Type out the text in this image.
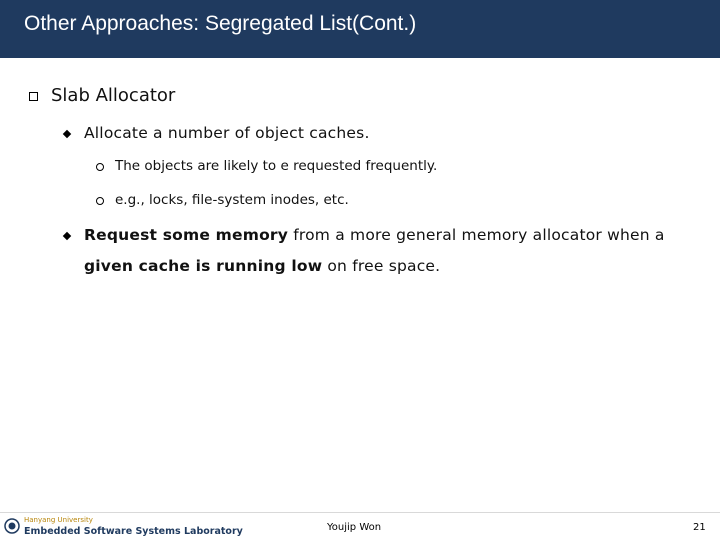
Other Approaches: Segregated List(Cont.)
Slab Allocator
Allocate a number of object caches.
The objects are likely to e requested frequently.
e.g., locks, file-system inodes, etc.
Request some memory from a more general memory allocator when a
given cache is running low on free space.
Hanyang University
Embedded Software Systems Laboratory	Youjip Won	21
